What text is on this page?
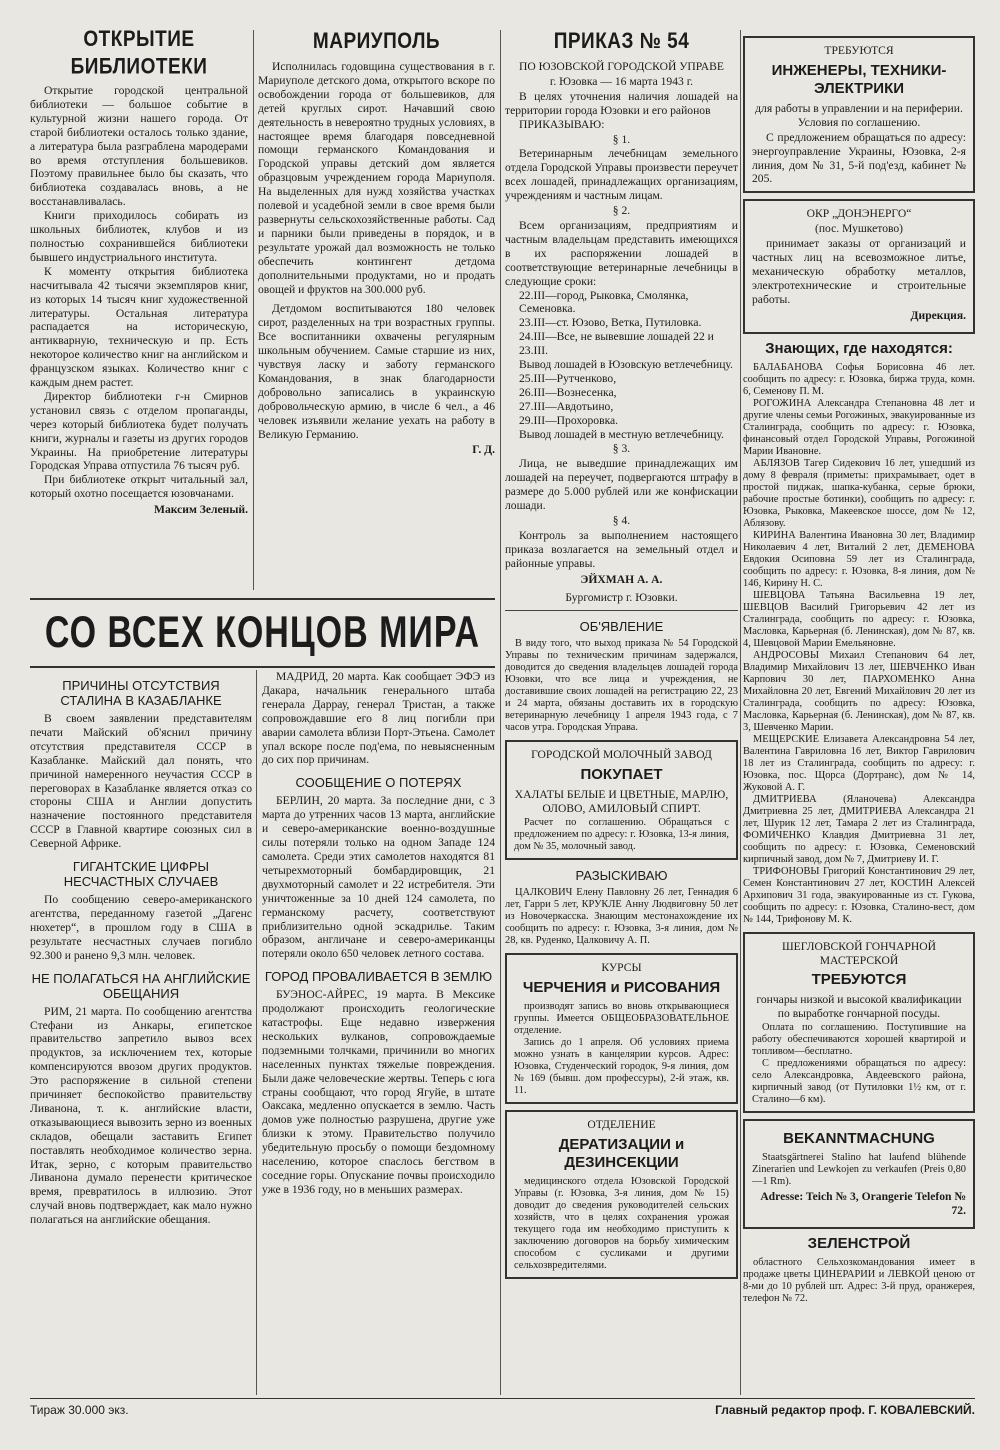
ОТКРЫТИЕ БИБЛИОТЕКИ
Открытие городской центральной библиотеки — большое событие в культурной жизни нашего города. От старой библиотеки осталось только здание, а литература была разграблена мародерами во время отступления большевиков. Поэтому правильнее было бы сказать, что библиотека создавалась вновь, а не восстанавливалась.
Книги приходилось собирать из школьных библиотек, клубов и из полностью сохранившейся библиотеки бывшего индустриального института.
К моменту открытия библиотека насчитывала 42 тысячи экземпляров книг, из которых 14 тысяч книг художественной литературы. Остальная литература распадается на историческую, антикварную, техническую и пр. Есть некоторое количество книг на английском и французском языках. Количество книг с каждым днем растет.
Директор библиотеки г-н Смирнов установил связь с отделом пропаганды, через который библиотека будет получать книги, журналы и газеты из других городов Украины. На приобретение литературы Городская Управа отпустила 76 тысяч руб.
При библиотеке открыт читальный зал, который охотно посещается юзовчанами.
Максим Зеленый.
МАРИУПОЛЬ
Исполнилась годовщина существования в г. Мариуполе детского дома, открытого вскоре по освобождении города от большевиков, для детей круглых сирот. Начавший свою деятельность в невероятно трудных условиях, в настоящее время благодаря повседневной помощи германского Командования и Городской управы детский дом является образцовым учреждением города Мариуполя. На выделенных для нужд хозяйства участках полевой и усадебной земли в свое время были развернуты сельскохозяйственные работы. Сад и парники были приведены в порядок, и в результате урожай дал возможность не только обеспечить контингент детдома дополнительными продуктами, но и продать овощей и фруктов на 300.000 руб.
Детдомом воспитываются 180 человек сирот, разделенных на три возрастных группы. Все воспитанники охвачены регулярным школьным обучением. Самые старшие из них, чувствуя ласку и заботу германского Командования, в знак благодарности добровольно записались в украинскую добровольческую армию, в числе 6 чел., а 46 человек изъявили желание уехать на работу в Великую Германию.
Г. Д.
ПРИКАЗ № 54
ПО ЮЗОВСКОЙ ГОРОДСКОЙ УПРАВЕ
г. Юзовка — 16 марта 1943 г.
В целях уточнения наличия лошадей на территории города Юзовки и его районов
ПРИКАЗЫВАЮ:
§ 1.
Ветеринарным лечебницам земельного отдела Городской Управы произвести переучет всех лошадей, принадлежащих организациям, учреждениям и частным лицам.
§ 2.
Всем организациям, предприятиям и частным владельцам представить имеющихся в их распоряжении лошадей в соответствующие ветеринарные лечебницы в следующие сроки:
22.III—город, Рыковка, Смолянка, Семеновка.
23.III—ст. Юзово, Ветка, Путиловка.
24.III—Все, не вывевшие лошадей 22 и 23.III.
Вывод лошадей в Юзовскую ветлечебницу.
25.III—Рутченково,
26.III—Вознесенка,
27.III—Авдотьино,
29.III—Прохоровка.
Вывод лошадей в местную ветлечебницу.
§ 3.
Лица, не выведшие принадлежащих им лошадей на переучет, подвергаются штрафу в размере до 5.000 рублей или же конфискации лошади.
§ 4.
Контроль за выполнением настоящего приказа возлагается на земельный отдел и районные управы.
ЭЙХМАН А. А.
Бургомистр г. Юзовки.
ОБ'ЯВЛЕНИЕ
В виду того, что выход приказа № 54 Городской Управы по техническим причинам задержался, доводится до сведения владельцев лошадей города Юзовки, что все лица и учреждения, не доставившие своих лошадей на регистрацию 22, 23 и 24 марта, обязаны доставить их в городскую ветеринарную лечебницу 1 апреля 1943 года, с 7 часов утра. Городская Управа.
ГОРОДСКОЙ МОЛОЧНЫЙ ЗАВОД
ПОКУПАЕТ
ХАЛАТЫ БЕЛЫЕ И ЦВЕТНЫЕ, МАРЛЮ, ОЛОВО, АМИЛОВЫЙ СПИРТ.
Расчет по соглашению. Обращаться с предложением по адресу: г. Юзовка, 13-я линия, дом № 35, молочный завод.
РАЗЫСКИВАЮ
ЦАЛКОВИЧ Елену Павловну 26 лет, Геннадия 6 лет, Гарри 5 лет, КРУКЛЕ Анну Людвиговну 50 лет из Новочеркасска. Знающим местонахождение их сообщить по адресу: г. Юзовка, 3-я линия, дом № 28, кв. Руденко, Цалковичу А. П.
КУРСЫ
ЧЕРЧЕНИЯ и РИСОВАНИЯ
производят запись во вновь открывающиеся группы. Имеется ОБЩЕОБРАЗОВАТЕЛЬНОЕ отделение.
Запись до 1 апреля. Об условиях приема можно узнать в канцелярии курсов. Адрес: Юзовка, Студенческий городок, 9-я линия, дом № 169 (бывш. дом профессуры), 2-й этаж, кв. 11.
ОТДЕЛЕНИЕ
ДЕРАТИЗАЦИИ и ДЕЗИНСЕКЦИИ
медицинского отдела Юзовской Городской Управы (г. Юзовка, 3-я линия, дом № 15) доводит до сведения руководителей сельских хозяйств, что в целях сохранения урожая текущего года им необходимо приступить к заключению договоров на борьбу химическим способом с сусликами и другими сельхозвредителями.
ТРЕБУЮТСЯ
ИНЖЕНЕРЫ, ТЕХНИКИ-ЭЛЕКТРИКИ
для работы в управлении и на периферии. Условия по соглашению.
С предложением обращаться по адресу: энергоуправление Украины, Юзовка, 2-я линия, дом № 31, 5-й под'езд, кабинет № 205.
ОКР „ДОНЭНЕРГО“
(пос. Мушкетово)
принимает заказы от организаций и частных лиц на всевозможное литье, механическую обработку металлов, электротехнические и строительные работы.
Дирекция.
Знающих, где находятся:
БАЛАБАНОВА Софья Борисовна 46 лет. сообщить по адресу: г. Юзовка, биржа труда, комн. 6, Семенову П. М.
РОГОЖИНА Александра Степановна 48 лет и другие члены семьи Рогожиных, эвакуированные из Сталинграда, сообщить по адресу: г. Юзовка, финансовый отдел Городской Управы, Рогожиной Марии Ивановне.
АБЛЯЗОВ Тагер Сидекович 16 лет, ушедший из дому 8 февраля (приметы: прихрамывает, одет в простой пиджак, шапка-кубанка, серые брюки, рабочие простые ботинки), сообщить по адресу: г. Юзовка, Рыковка, Макеевское шоссе, дом № 12, Аблязову.
КИРИНА Валентина Ивановна 30 лет, Владимир Николаевич 4 лет, Виталий 2 лет, ДЕМЕНОВА Евдокия Осиповна 59 лет из Сталинграда, сообщить по адресу: г. Юзовка, 8-я линия, дом № 146, Кирину Н. С.
ШЕВЦОВА Татьяна Васильевна 19 лет, ШЕВЦОВ Василий Григорьевич 42 лет из Сталинграда, сообщить по адресу: г. Юзовка, Масловка, Карьерная (б. Ленинская), дом № 87, кв. 4, Шевцовой Марии Емельяновне.
АНДРОСОВЫ Михаил Степанович 64 лет, Владимир Михайлович 13 лет, ШЕВЧЕНКО Иван Карпович 30 лет, ПАРХОМЕНКО Анна Михайловна 20 лет, Евгений Михайлович 20 лет из Сталинграда, сообщить по адресу: Юзовка, Масловка, Карьерная (б. Ленинская), дом № 87, кв. 3, Шевченко Марии.
МЕЩЕРСКИЕ Елизавета Александровна 54 лет, Валентина Гавриловна 16 лет, Виктор Гаврилович 18 лет из Сталинграда, сообщить по адресу: г. Юзовка, пос. Щорса (Дортранс), дом № 14, Жуковой А. Г.
ДМИТРИЕВА (Яланочева) Александра Дмитриевна 25 лет, ДМИТРИЕВА Александра 21 лет, Шурик 12 лет, Тамара 2 лет из Сталинграда, ФОМИЧЕНКО Клавдия Дмитриевна 31 лет, сообщить по адресу: г. Юзовка, Семеновский кирпичный завод, дом № 7, Дмитриеву И. Г.
ТРИФОНОВЫ Григорий Константинович 29 лет, Семен Константинович 27 лет, КОСТИН Алексей Архипович 31 года, эвакуированные из ст. Гукова, сообщить по адресу: г. Юзовка, Сталино-вест, дом № 144, Трифонову М. К.
ШЕГЛОВСКОЙ ГОНЧАРНОЙ МАСТЕРСКОЙ
ТРЕБУЮТСЯ
гончары низкой и высокой квалификации по выработке гончарной посуды.
Оплата по соглашению. Поступившие на работу обеспечиваются хорошей квартирой и топливом—бесплатно.
С предложениями обращаться по адресу: село Александровка, Авдеевского района, кирпичный завод (от Путиловки 1½ км, от г. Сталино—6 км).
BEKANNTMACHUNG
Staatsgärtnerei Stalino hat laufend blühende Zinerarien und Lewkojen zu verkaufen (Preis 0,80—1 Rm).
Adresse: Teich № 3, Orangerie Telefon № 72.
ЗЕЛЕНСТРОЙ
областного Сельхозкомандования имеет в продаже цветы ЦИНЕРАРИИ и ЛЕВКОЙ ценою от 8-ми до 10 рублей шт. Адрес: 3-й пруд, оранжерея, телефон № 72.
СО ВСЕХ КОНЦОВ МИРА
ПРИЧИНЫ ОТСУТСТВИЯ СТАЛИНА В КАЗАБЛАНКЕ
В своем заявлении представителям печати Майский об'яснил причину отсутствия представителя СССР в Казабланке. Майский дал понять, что причиной намеренного неучастия СССР в переговорах в Казабланке является отказ со стороны США и Англии допустить назначение постоянного представителя СССР в Главной квартире союзных сил в Северной Африке.
ГИГАНТСКИЕ ЦИФРЫ НЕСЧАСТНЫХ СЛУЧАЕВ
По сообщению северо-американского агентства, переданному газетой „Дагенс нюхетер“, в прошлом году в США в результате несчастных случаев погибло 92.300 и ранено 9,3 млн. человек.
НЕ ПОЛАГАТЬСЯ НА АНГЛИЙСКИЕ ОБЕЩАНИЯ
РИМ, 21 марта. По сообщению агентства Стефани из Анкары, египетское правительство запретило вывоз всех продуктов, за исключением тех, которые компенсируются ввозом других продуктов. Это распоряжение в сильной степени причиняет беспокойство правительству Ливанона, т. к. английские власти, отказывающиеся вывозить зерно из военных складов, обещали заставить Египет поставлять необходимое количество зерна. Итак, зерно, с которым правительство Ливанона думало перенести критическое время, превратилось в иллюзию. Этот случай вновь подтверждает, как мало нужно полагаться на английские обещания.
МАДРИД, 20 марта. Как сообщает ЭФЭ из Дакара, начальник генерального штаба генерала Даррау, генерал Тристан, а также сопровождавшие его 8 лиц погибли при аварии самолета вблизи Порт-Этьена. Самолет упал вскоре после под'ема, по невыясненным до сих пор причинам.
СООБЩЕНИЕ О ПОТЕРЯХ
БЕРЛИН, 20 марта. За последние дни, с 3 марта до утренних часов 13 марта, английские и северо-американские военно-воздушные силы потеряли только на одном Западе 124 самолета. Среди этих самолетов находятся 81 четырехмоторный бомбардировщик, 21 двухмоторный самолет и 22 истребителя. Эти уничтоженные за 10 дней 124 самолета, по германскому расчету, соответствуют приблизительно одной эскадрилье. Таким образом, англичане и северо-американцы потеряли около 650 человек летного состава.
ГОРОД ПРОВАЛИВАЕТСЯ В ЗЕМЛЮ
БУЭНОС-АЙРЕС, 19 марта. В Мексике продолжают происходить геологические катастрофы. Еще недавно извержения нескольких вулканов, сопровождаемые подземными толчками, причинили во многих населенных пунктах тяжелые повреждения. Были даже человеческие жертвы. Теперь с юга страны сообщают, что город Ягуйе, в штате Оаксака, медленно опускается в землю. Часть домов уже полностью разрушена, другие уже близки к этому. Правительство получило убедительную просьбу о помощи бездомному населению, которое спаслось бегством в соседние горы. Опускание почвы происходило уже в 1936 году, но в меньших размерах.
Тираж 30.000 экз.	Главный редактор проф. Г. КОВАЛЕВСКИЙ.
